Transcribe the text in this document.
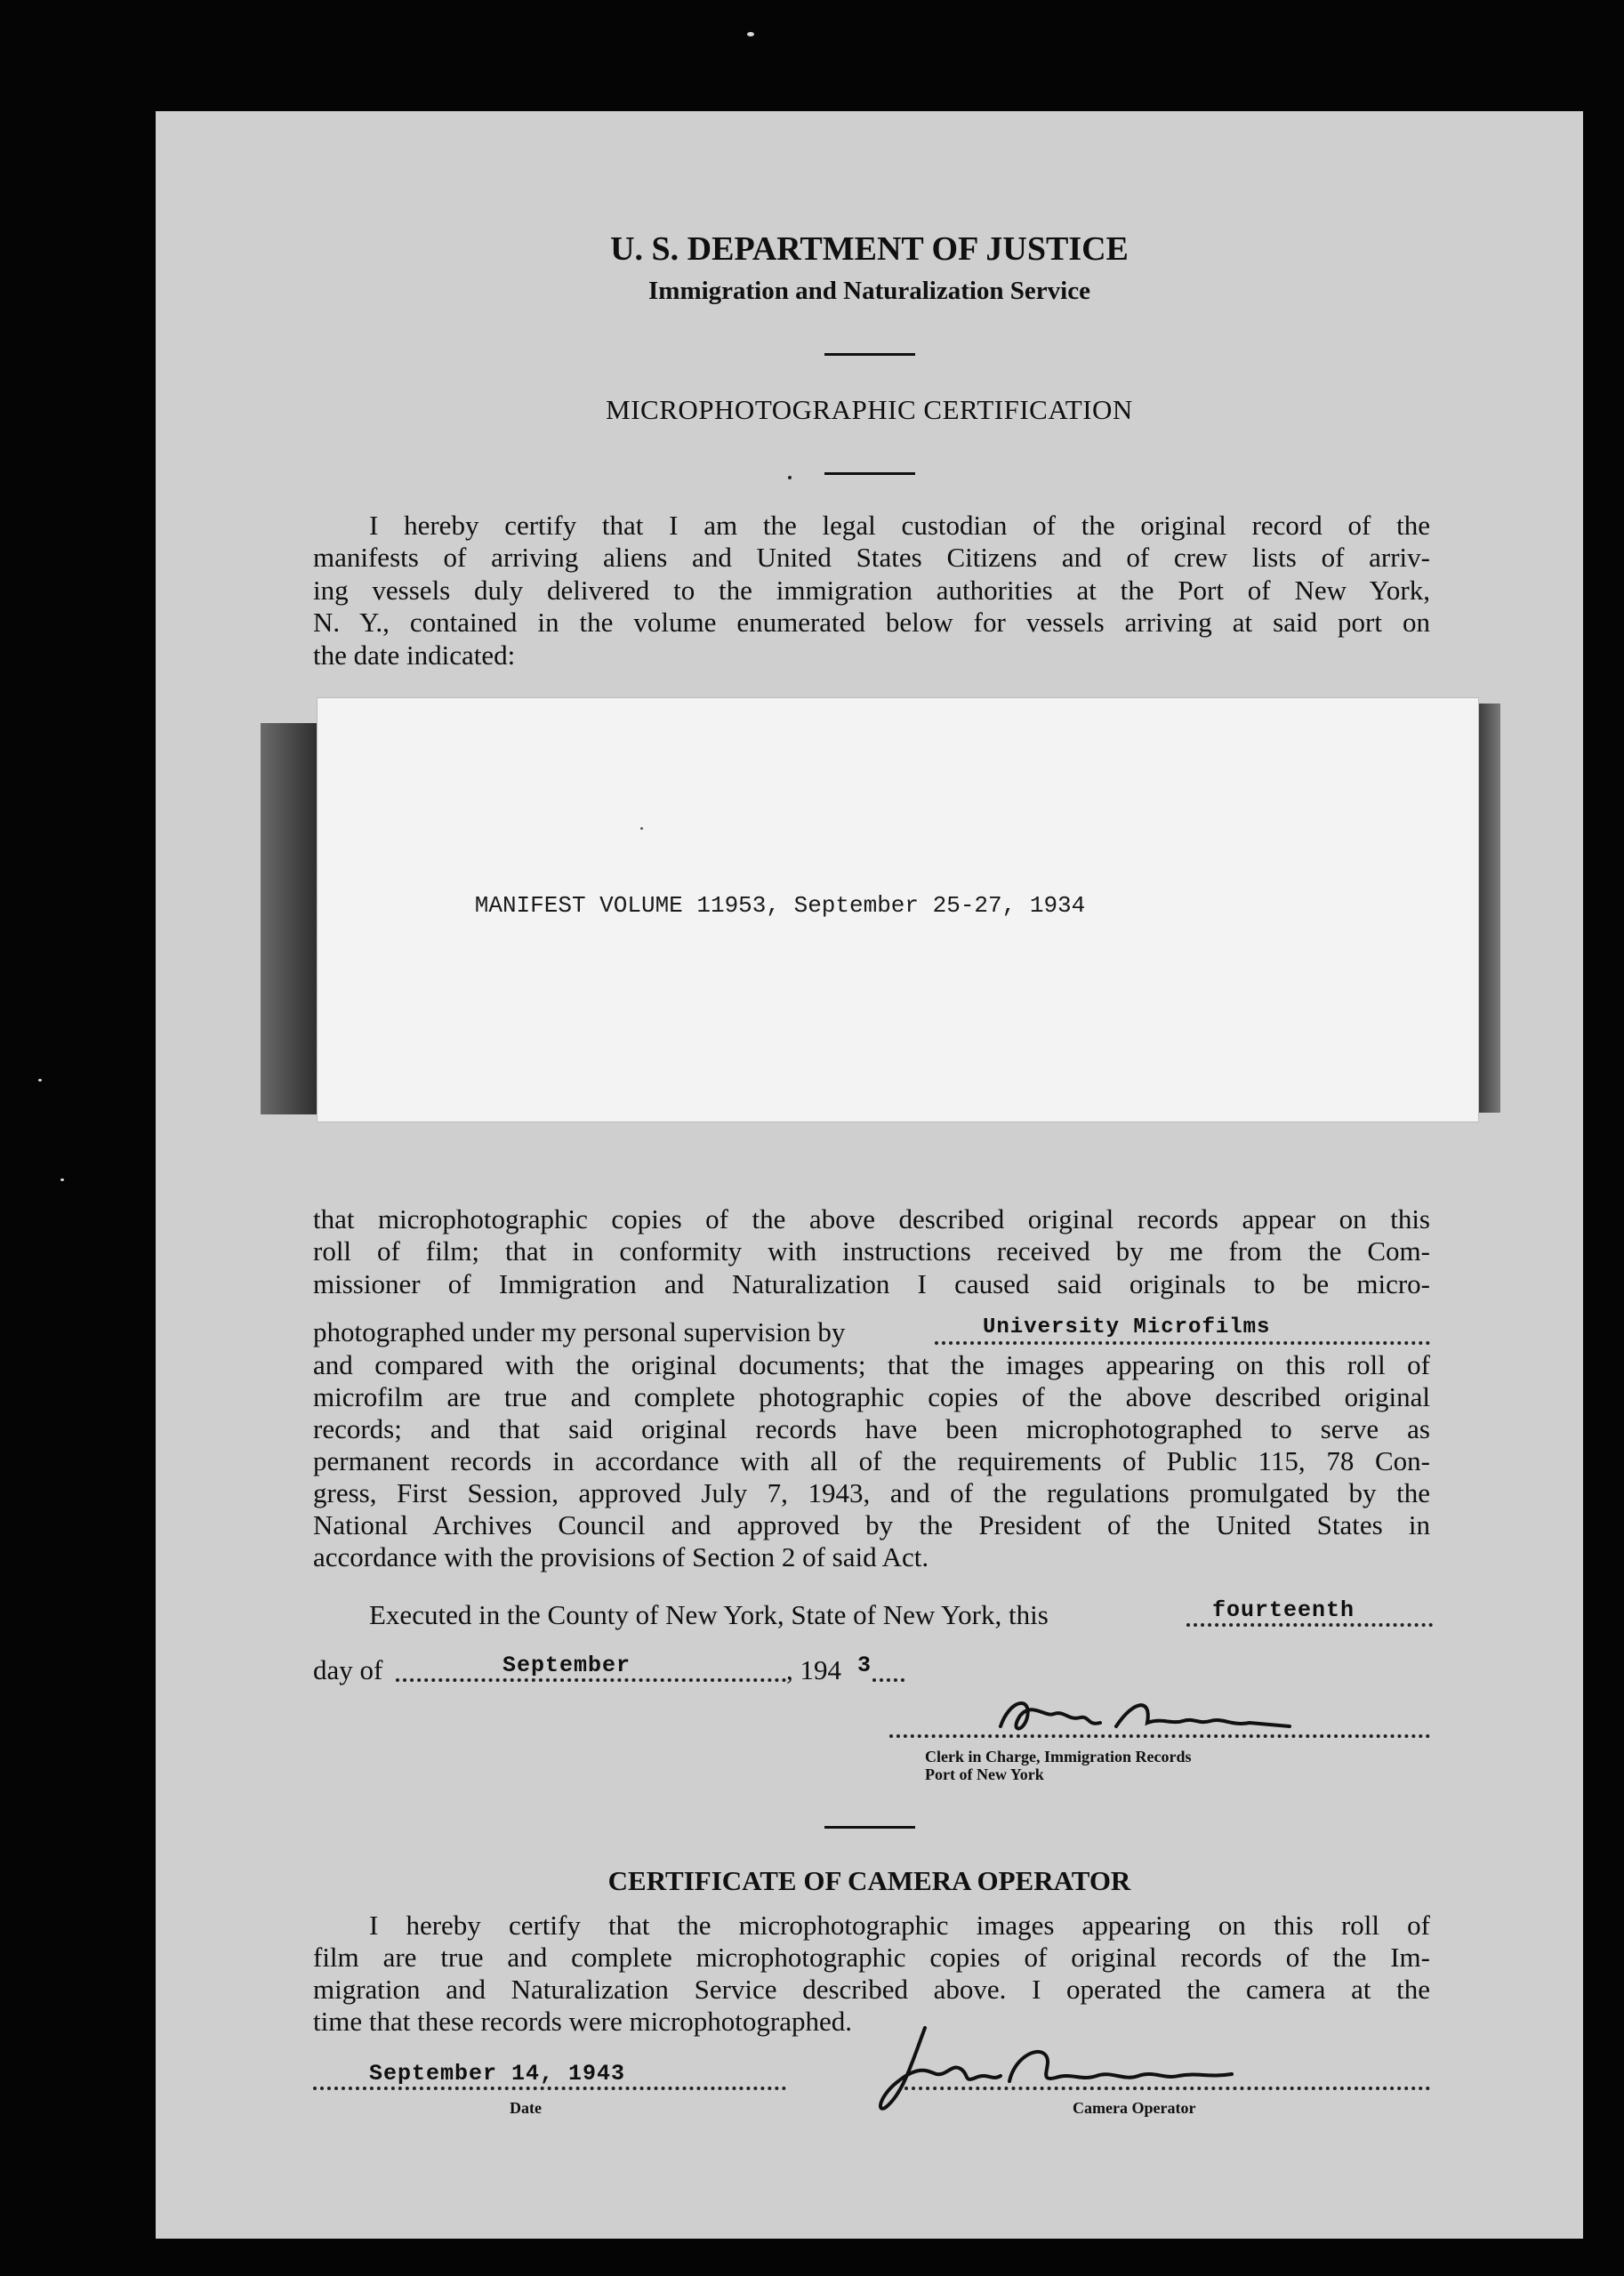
U. S. DEPARTMENT OF JUSTICE
Immigration and Naturalization Service
MICROPHOTOGRAPHIC CERTIFICATION
I hereby certify that I am the legal custodian of the original record of the
manifests of arriving aliens and United States Citizens and of crew lists of arriv-
ing vessels duly delivered to the immigration authorities at the Port of New York,
N. Y., contained in the volume enumerated below for vessels arriving at said port on
the date indicated:
MANIFEST VOLUME 11953, September 25-27, 1934
that microphotographic copies of the above described original records appear on this
roll of film; that in conformity with instructions received by me from the Com-
missioner of Immigration and Naturalization I caused said originals to be micro-
photographed under my personal supervision by	University Microfilms
and compared with the original documents; that the images appearing on this roll of
microfilm are true and complete photographic copies of the above described original
records; and that said original records have been microphotographed to serve as
permanent records in accordance with all of the requirements of Public 115, 78 Con-
gress, First Session, approved July 7, 1943, and of the regulations promulgated by the
National Archives Council and approved by the President of the United States in
accordance with the provisions of Section 2 of said Act.
Executed in the County of New York, State of New York, this	fourteenth
day of	September	, 194 3
Clerk in Charge, Immigration Records
Port of New York
CERTIFICATE OF CAMERA OPERATOR
I hereby certify that the microphotographic images appearing on this roll of
film are true and complete microphotographic copies of original records of the Im-
migration and Naturalization Service described above. I operated the camera at the
time that these records were microphotographed.
September 14, 1943
Date	Camera Operator
